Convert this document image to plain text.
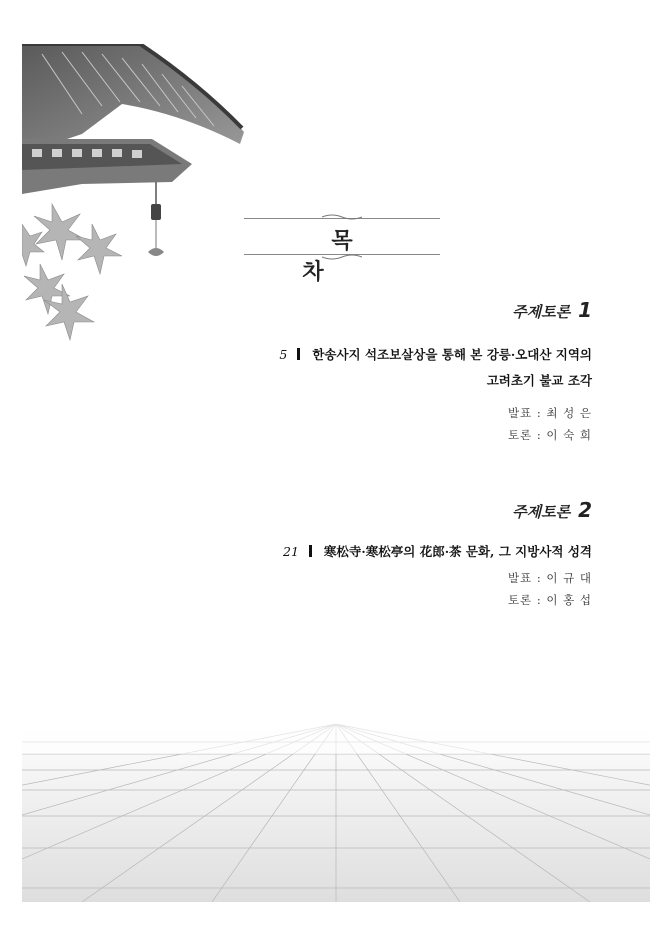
목 차
주제토론 1
5 한송사지 석조보살상을 통해 본 강릉·오대산 지역의
고려초기 불교 조각
발표 : 최 성 은
토론 : 이 숙 희
주제토론 2
21 寒松寺·寒松亭의 花郎·茶 문화, 그 지방사적 성격
발표 : 이 규 대
토론 : 이 홍 섭
